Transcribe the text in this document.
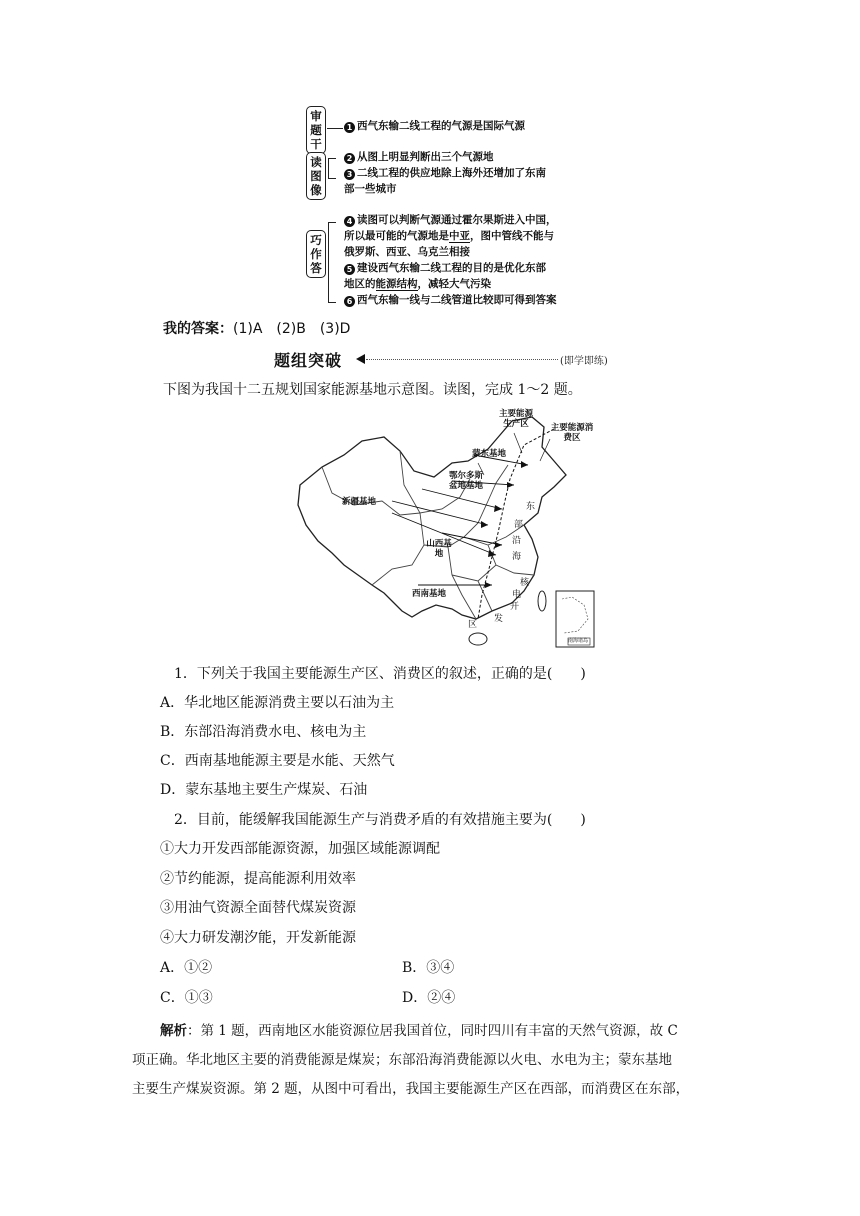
审
题
干
1 西气东输二线工程的气源是国际气源
读
图
像
2 从图上明显判断出三个气源地
3 二线工程的供应地除上海外还增加了东南
部一些城市
巧
作
答
4 读图可以判断气源通过霍尔果斯进入中国，
所以最可能的气源地是中亚，图中管线不能与
俄罗斯、西亚、乌克兰相接
5 建设西气东输二线工程的目的是优化东部
地区的能源结构，减轻大气污染
6 西气东输一线与二线管道比较即可得到答案
我的答案：(1)A　(2)B　(3)D
题组突破	(即学即练)
下图为我国十二五规划国家能源基地示意图。读图，完成 1～2 题。
主要能源生产区	主要能源消费区
蒙东基地
鄂尔多斯盆地基地
新疆基地
山西基地
西南基地
东
部
沿
海
核
电
开
发
区
南海诸岛
1．下列关于我国主要能源生产区、消费区的叙述，正确的是(　　)
A．华北地区能源消费主要以石油为主
B．东部沿海消费水电、核电为主
C．西南基地能源主要是水能、天然气
D．蒙东基地主要生产煤炭、石油
2．目前，能缓解我国能源生产与消费矛盾的有效措施主要为(　　)
①大力开发西部能源资源，加强区域能源调配
②节约能源，提高能源利用效率
③用油气资源全面替代煤炭资源
④大力研发潮汐能，开发新能源
A．①②	B．③④
C．①③	D．②④
解析：第 1 题，西南地区水能资源位居我国首位，同时四川有丰富的天然气资源，故 C
项正确。华北地区主要的消费能源是煤炭；东部沿海消费能源以火电、水电为主；蒙东基地
主要生产煤炭资源。第 2 题，从图中可看出，我国主要能源生产区在西部，而消费区在东部，
